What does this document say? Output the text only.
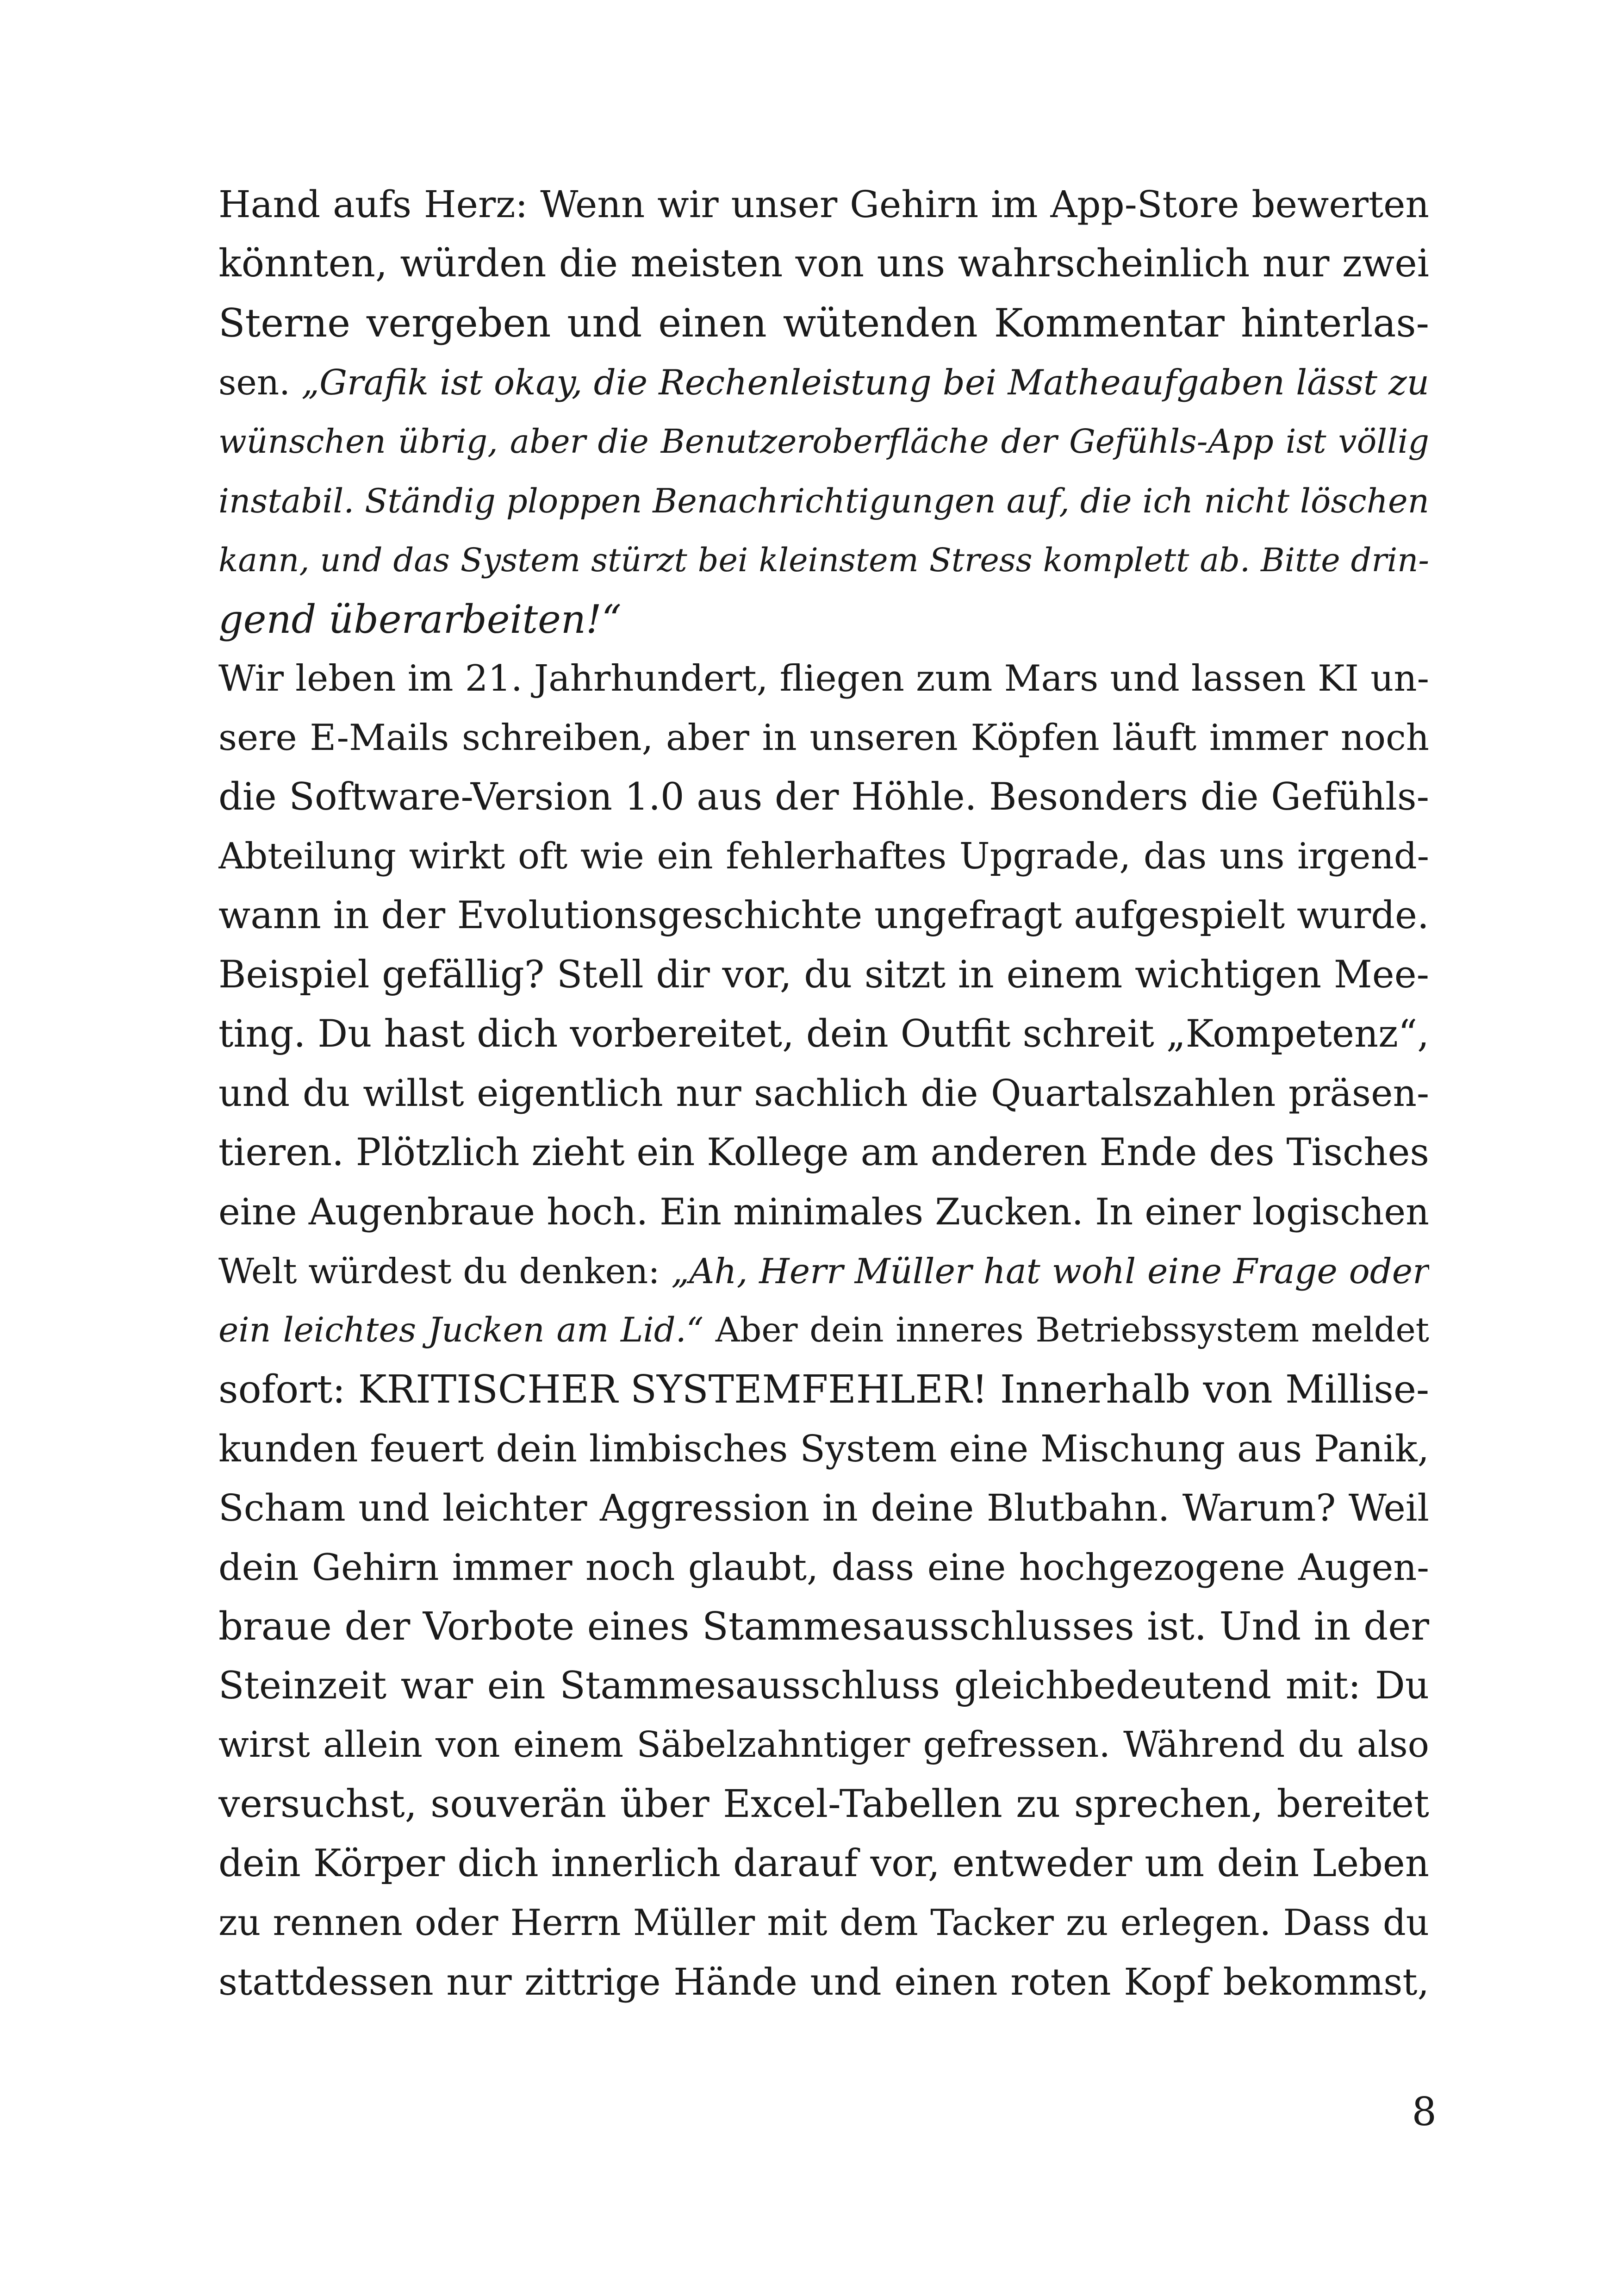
Hand aufs Herz: Wenn wir unser Gehirn im App-Store bewerten
könnten, würden die meisten von uns wahrscheinlich nur zwei
Sterne vergeben und einen wütenden Kommentar hinterlas-
sen. „Grafik ist okay, die Rechenleistung bei Matheaufgaben lässt zu
wünschen übrig, aber die Benutzeroberfläche der Gefühls-App ist völlig
instabil. Ständig ploppen Benachrichtigungen auf, die ich nicht löschen
kann, und das System stürzt bei kleinstem Stress komplett ab. Bitte drin-
gend überarbeiten!“
Wir leben im 21. Jahrhundert, fliegen zum Mars und lassen KI un-
sere E-Mails schreiben, aber in unseren Köpfen läuft immer noch
die Software-Version 1.0 aus der Höhle. Besonders die Gefühls-
Abteilung wirkt oft wie ein fehlerhaftes Upgrade, das uns irgend-
wann in der Evolutionsgeschichte ungefragt aufgespielt wurde.
Beispiel gefällig? Stell dir vor, du sitzt in einem wichtigen Mee-
ting. Du hast dich vorbereitet, dein Outfit schreit „Kompetenz“,
und du willst eigentlich nur sachlich die Quartalszahlen präsen-
tieren. Plötzlich zieht ein Kollege am anderen Ende des Tisches
eine Augenbraue hoch. Ein minimales Zucken. In einer logischen
Welt würdest du denken: „Ah, Herr Müller hat wohl eine Frage oder
ein leichtes Jucken am Lid.“ Aber dein inneres Betriebssystem meldet
sofort: KRITISCHER SYSTEMFEHLER! Innerhalb von Millise-
kunden feuert dein limbisches System eine Mischung aus Panik,
Scham und leichter Aggression in deine Blutbahn. Warum? Weil
dein Gehirn immer noch glaubt, dass eine hochgezogene Augen-
braue der Vorbote eines Stammesausschlusses ist. Und in der
Steinzeit war ein Stammesausschluss gleichbedeutend mit: Du
wirst allein von einem Säbelzahntiger gefressen. Während du also
versuchst, souverän über Excel-Tabellen zu sprechen, bereitet
dein Körper dich innerlich darauf vor, entweder um dein Leben
zu rennen oder Herrn Müller mit dem Tacker zu erlegen. Dass du
stattdessen nur zittrige Hände und einen roten Kopf bekommst,
8
